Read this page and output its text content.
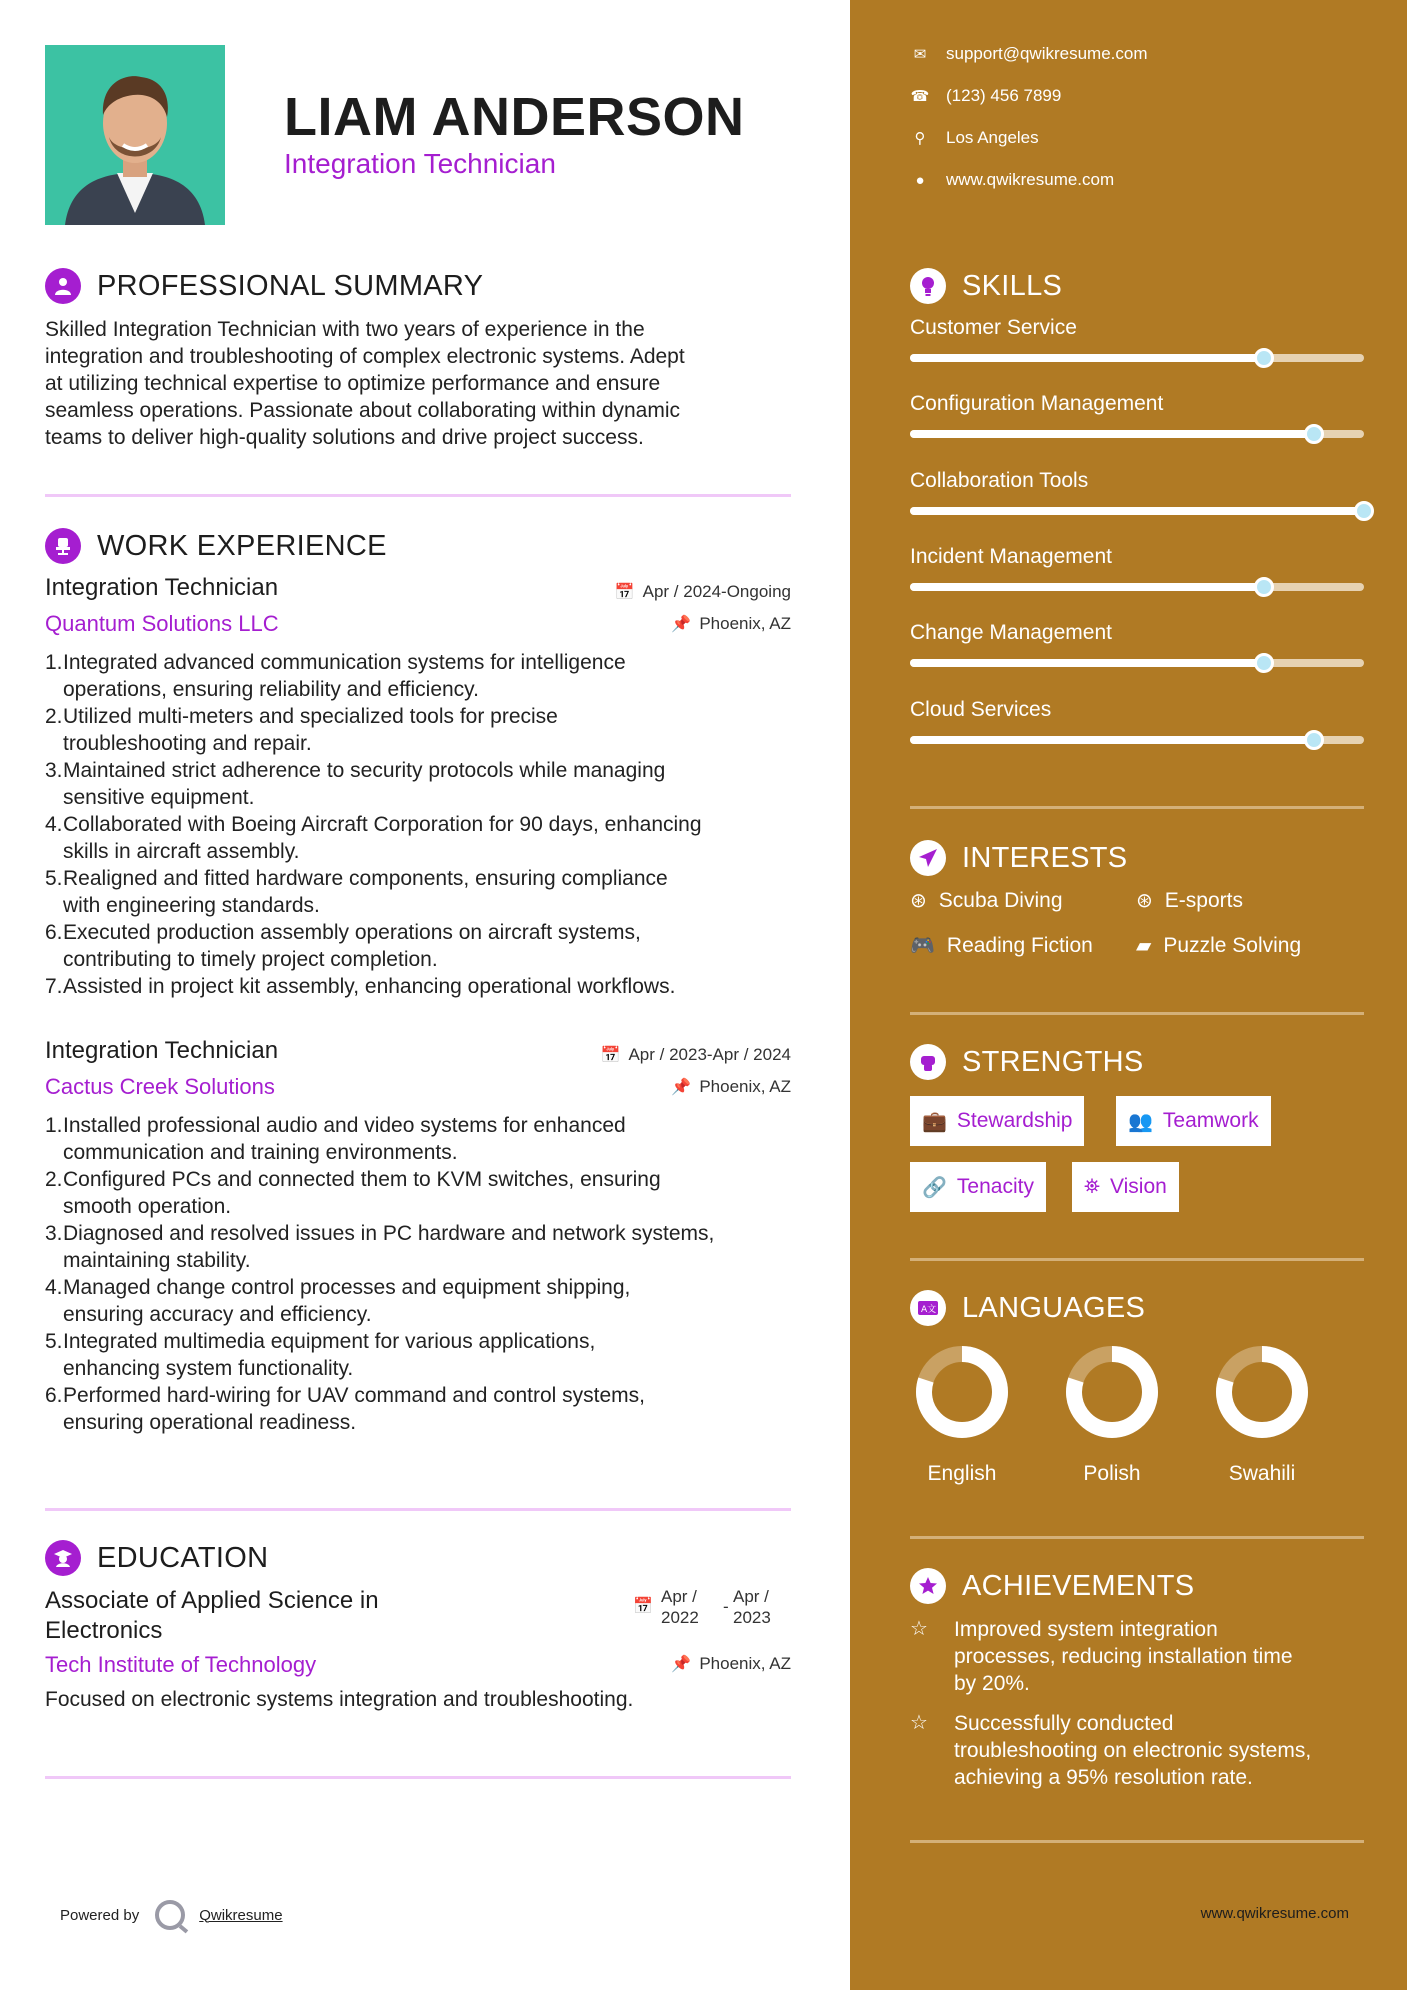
LIAM ANDERSON
Integration Technician
PROFESSIONAL SUMMARY
Skilled Integration Technician with two years of experience in the
integration and troubleshooting of complex electronic systems. Adept
at utilizing technical expertise to optimize performance and ensure
seamless operations. Passionate about collaborating within dynamic
teams to deliver high-quality solutions and drive project success.
WORK EXPERIENCE
Integration Technician
Quantum Solutions LLC
📅 Apr / 2024-Ongoing
📌 Phoenix, AZ
1. Integrated advanced communication systems for intelligence
operations, ensuring reliability and efficiency.
2. Utilized multi-meters and specialized tools for precise
troubleshooting and repair.
3. Maintained strict adherence to security protocols while managing
sensitive equipment.
4. Collaborated with Boeing Aircraft Corporation for 90 days, enhancing
skills in aircraft assembly.
5. Realigned and fitted hardware components, ensuring compliance
with engineering standards.
6. Executed production assembly operations on aircraft systems,
contributing to timely project completion.
7. Assisted in project kit assembly, enhancing operational workflows.
Integration Technician
Cactus Creek Solutions
📅 Apr / 2023-Apr / 2024
📌 Phoenix, AZ
1. Installed professional audio and video systems for enhanced
communication and training environments.
2. Configured PCs and connected them to KVM switches, ensuring
smooth operation.
3. Diagnosed and resolved issues in PC hardware and network systems,
maintaining stability.
4. Managed change control processes and equipment shipping,
ensuring accuracy and efficiency.
5. Integrated multimedia equipment for various applications,
enhancing system functionality.
6. Performed hard-wiring for UAV command and control systems,
ensuring operational readiness.
EDUCATION
Associate of Applied Science in
Electronics
Tech Institute of Technology
📅
Apr /
2022
-
Apr /
2023
📌 Phoenix, AZ
Focused on electronic systems integration and troubleshooting.
Powered by	Qwikresume
✉ support@qwikresume.com
☎ (123) 456 7899
⚲ Los Angeles
●	www.qwikresume.com
SKILLS
Customer Service
Configuration Management
Collaboration Tools
Incident Management
Change Management
Cloud Services
INTERESTS
⊛ Scuba Diving	⊛ E-sports
🎮 Reading Fiction ▰ Puzzle Solving
STRENGTHS
💼 Stewardship	👥 Teamwork
🔗 Tenacity	⛯ Vision
A文 LANGUAGES
English	Polish	Swahili
ACHIEVEMENTS
☆	Improved system integration
processes, reducing installation time
by 20%.
☆	Successfully conducted
troubleshooting on electronic systems,
achieving a 95% resolution rate.
www.qwikresume.com
